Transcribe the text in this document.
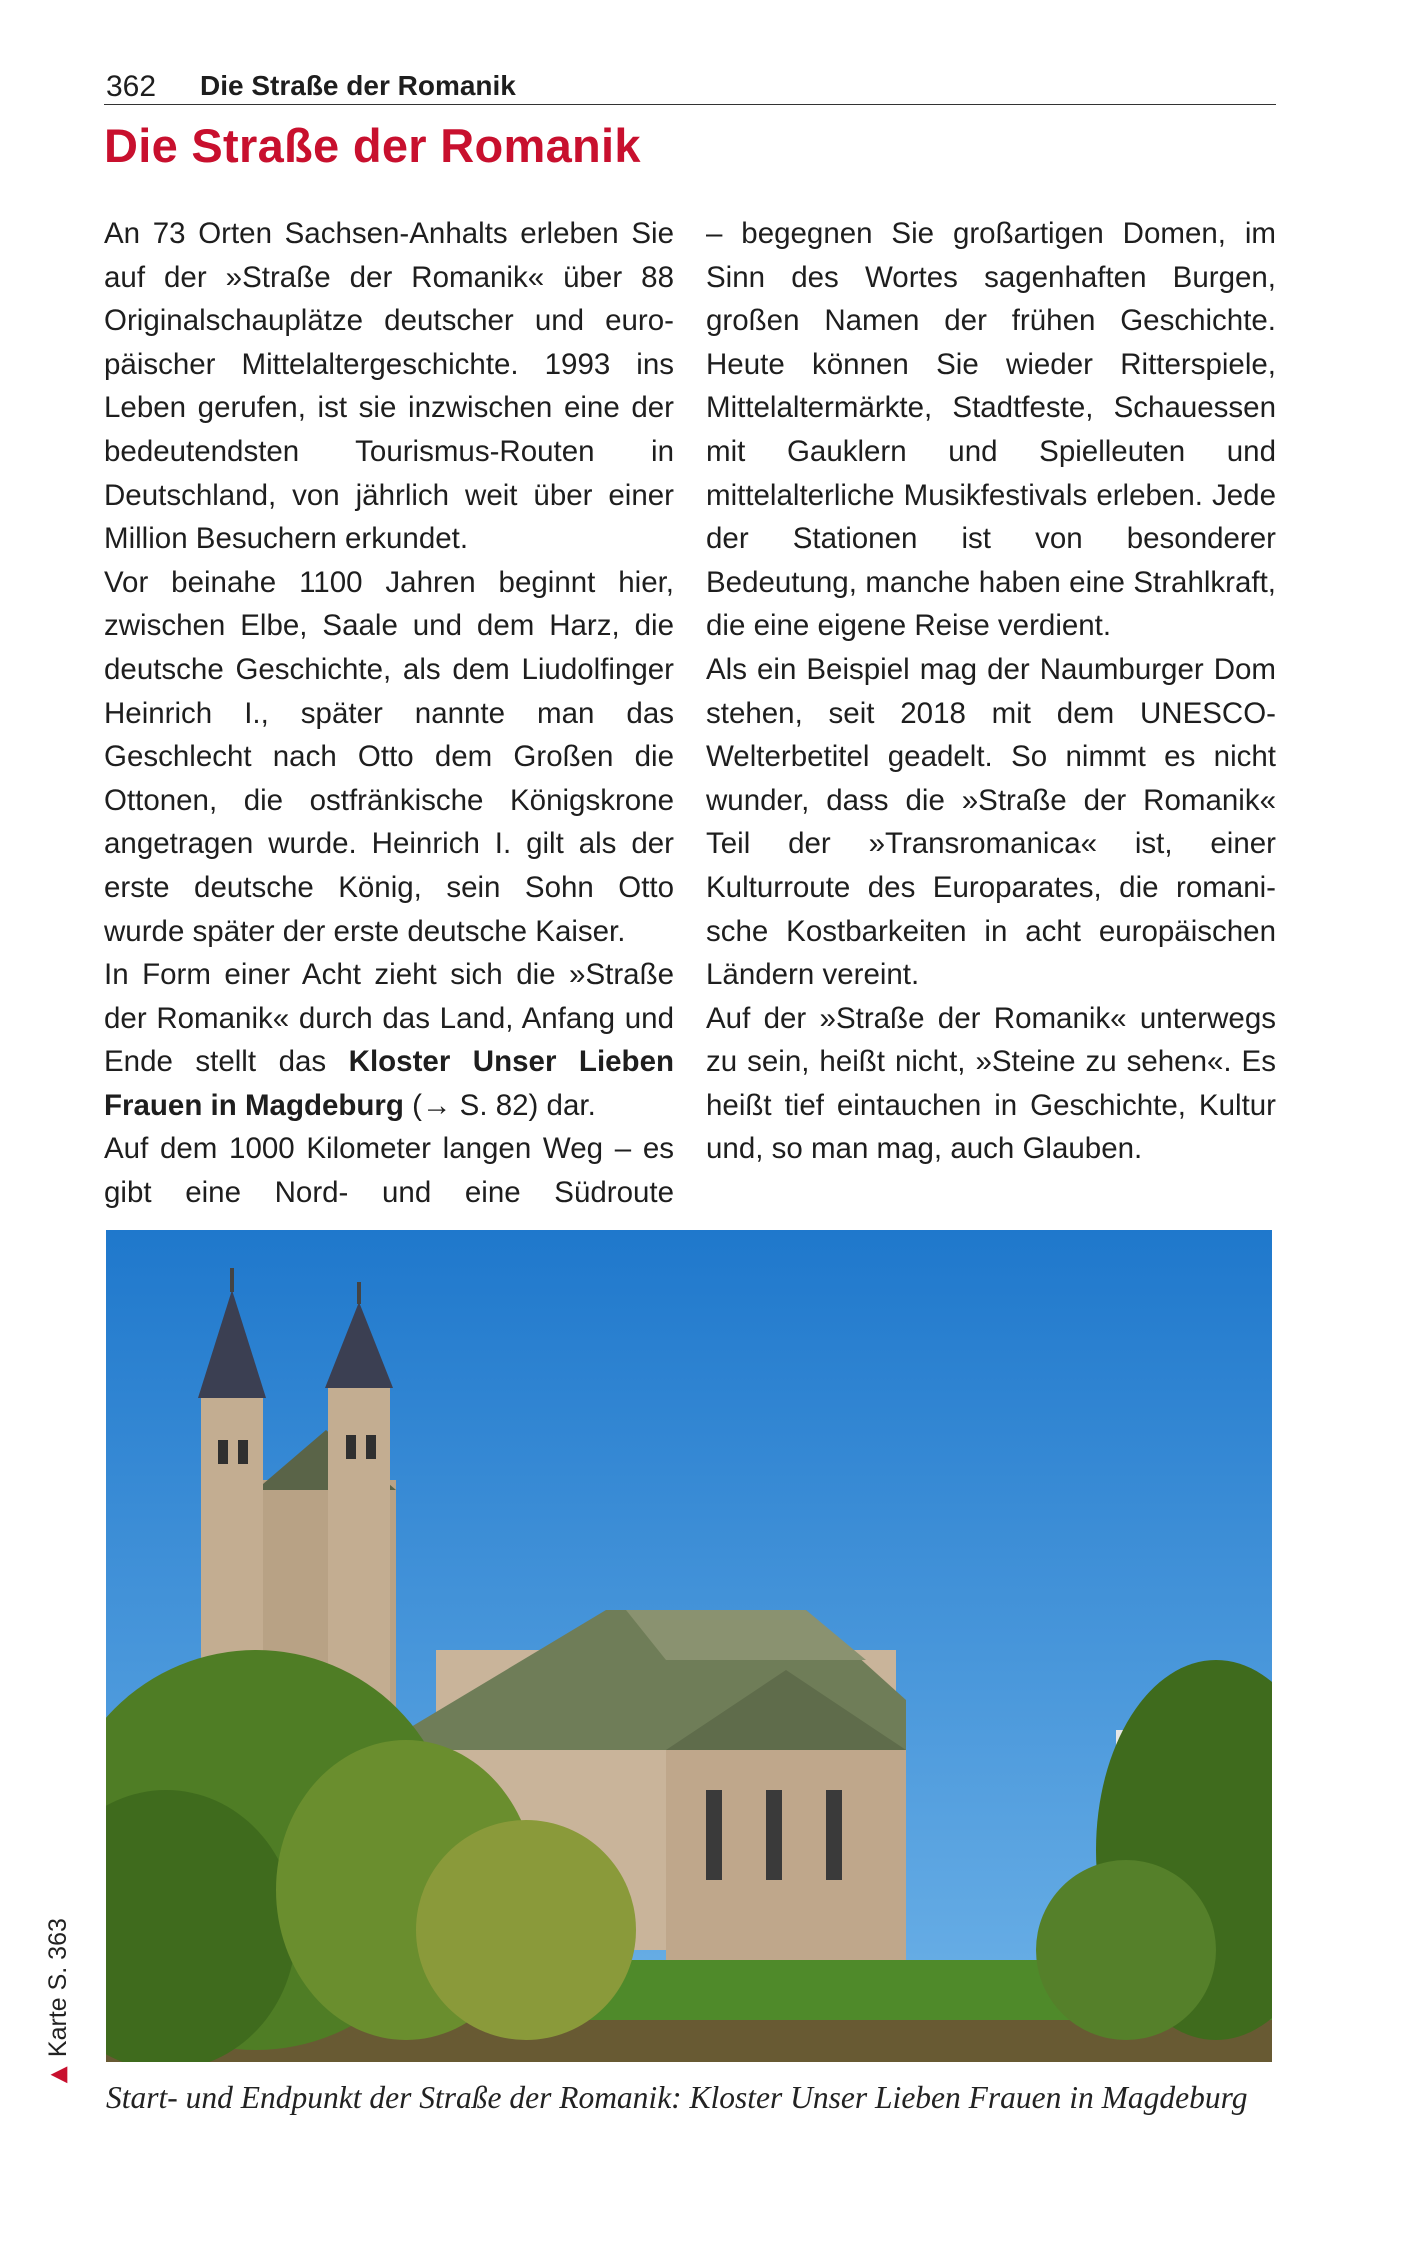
362 Die Straße der Romanik
Die Straße der Romanik

An 73 Orten Sachsen-Anhalts erleben Sie auf der »Straße der Romanik« über 88 Originalschauplätze deutscher und europäischer Mittelaltergeschichte. 1993 ins Leben gerufen, ist sie inzwischen eine der bedeutendsten Tourismus-Routen in Deutschland, von jährlich weit über einer Million Besuchern erkundet.

Vor beinahe 1100 Jahren beginnt hier, zwischen Elbe, Saale und dem Harz, die deutsche Geschichte, als dem Liudolfinger Heinrich I., später nannte man das Geschlecht nach Otto dem Großen die Ottonen, die ostfränkische Königskrone angetragen wurde. Heinrich I. gilt als der erste deutsche König, sein Sohn Otto wurde später der erste deutsche Kaiser.

In Form einer Acht zieht sich die »Straße der Romanik« durch das Land, Anfang und Ende stellt das Kloster Unser Lieben Frauen in Magdeburg (→ S. 82) dar.

Auf dem 1000 Kilometer langen Weg – es gibt eine Nord- und eine Südroute

– begegnen Sie großartigen Domen, im Sinn des Wortes sagenhaften Burgen, großen Namen der frühen Geschichte. Heute können Sie wieder Ritterspiele, Mittelaltermärkte, Stadtfeste, Schauessen mit Gauklern und Spielleuten und mittelalterliche Musikfestivals erleben. Jede der Stationen ist von besonderer Bedeutung, manche haben eine Strahlkraft, die eine eigene Reise verdient.

Als ein Beispiel mag der Naumburger Dom stehen, seit 2018 mit dem UNESCO-Welterbetitel geadelt. So nimmt es nicht wunder, dass die »Straße der Romanik« Teil der »Transromanica« ist, einer Kulturroute des Europarates, die romanische Kostbarkeiten in acht europäischen Ländern vereint.

Auf der »Straße der Romanik« unterwegs zu sein, heißt nicht, »Steine zu sehen«. Es heißt tief eintauchen in Geschichte, Kultur und, so man mag, auch Glauben.

Start- und Endpunkt der Straße der Romanik: Kloster Unser Lieben Frauen in Magdeburg
◀
Karte S. 363
